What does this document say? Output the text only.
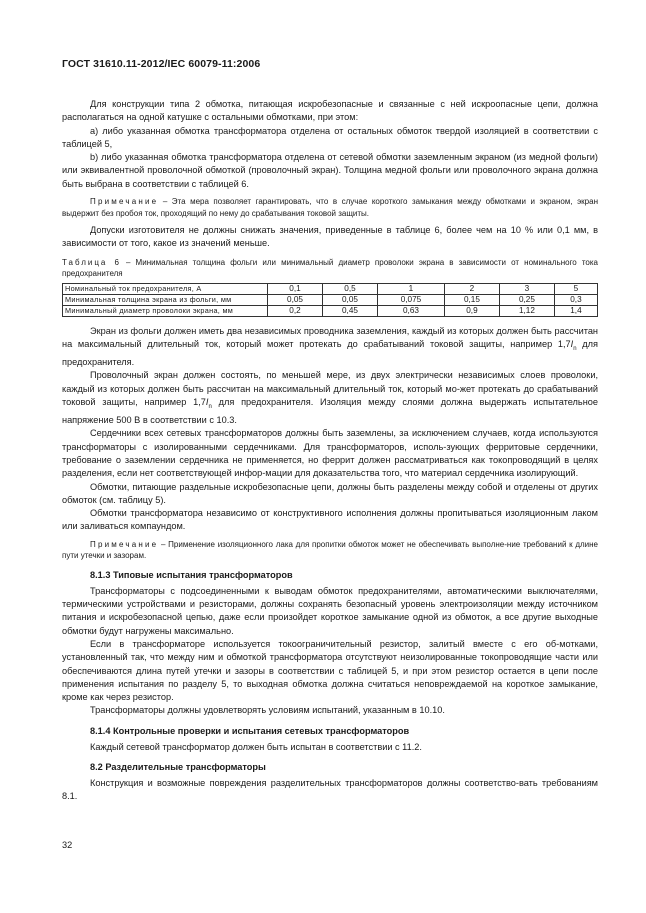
ГОСТ 31610.11-2012/IEC 60079-11:2006

Для конструкции типа 2 обмотка, питающая искробезопасные и связанные с ней искроопасные цепи, должна располагаться на одной катушке с остальными обмотками, при этом:

a) либо указанная обмотка трансформатора отделена от остальных обмоток твердой изоляцией в соответствии с таблицей 5,

b) либо указанная обмотка трансформатора отделена от сетевой обмотки заземленным экраном (из медной фольги) или эквивалентной проволочной обмоткой (проволочный экран). Толщина медной фольги или проволочного экрана должна быть выбрана в соответствии с таблицей 6.

Примечание – Эта мера позволяет гарантировать, что в случае короткого замыкания между обмотками и экраном, экран выдержит без пробоя ток, проходящий по нему до срабатывания токовой защиты.

Допуски изготовителя не должны снижать значения, приведенные в таблице 6, более чем на 10 % или 0,1 мм, в зависимости от того, какое из значений меньше.

Таблица 6 – Минимальная толщина фольги или минимальный диаметр проволоки экрана в зависимости от номинального тока предохранителя
Номинальный ток предохранителя, А	0,1	0,5	1	2	3	5
Минимальная толщина экрана из фольги, мм	0,05	0,05	0,075	0,15	0,25	0,3
Минимальный диаметр проволоки экрана, мм	0,2	0,45	0,63	0,9	1,12	1,4

Экран из фольги должен иметь два независимых проводника заземления, каждый из которых должен быть рассчитан на максимальный длительный ток, который может протекать до срабатываний токовой защиты, например $1,7I_n$ для предохранителя.

Проволочный экран должен состоять, по меньшей мере, из двух электрически независимых слоев проволоки, каждый из которых должен быть рассчитан на максимальный длительный ток, который мо-жет протекать до срабатываний токовой защиты, например $1,7I_n$ для предохранителя. Изоляция между слоями должна выдержать испытательное напряжение 500 В в соответствии с 10.3.

Сердечники всех сетевых трансформаторов должны быть заземлены, за исключением случаев, когда используются трансформаторы с изолированными сердечниками. Для трансформаторов, исполь-зующих ферритовые сердечники, требование о заземлении сердечника не применяется, но феррит должен рассматриваться как токопроводящий в целях разделения, если нет соответствующей инфор-мации для доказательства того, что материал сердечника изолирующий.

Обмотки, питающие раздельные искробезопасные цепи, должны быть разделены между собой и отделены от других обмоток (см. таблицу 5).

Обмотки трансформатора независимо от конструктивного исполнения должны пропитываться изоляционным лаком или заливаться компаундом.

Примечание – Применение изоляционного лака для пропитки обмоток может не обеспечивать выполне-ние требований к длине пути утечки и зазорам.
8.1.3 Типовые испытания трансформаторов

Трансформаторы с подсоединенными к выводам обмоток предохранителями, автоматическими выключателями, термическими устройствами и резисторами, должны сохранять безопасный уровень электроизоляции между источником питания и искробезопасной цепью, даже если произойдет короткое замыкание одной из обмоток, а все другие выходные обмотки будут нагружены максимально.

Если в трансформаторе используется токоограничительный резистор, залитый вместе с его об-мотками, установленный так, что между ним и обмоткой трансформатора отсутствуют неизолированные токопроводящие части или обеспечиваются длина путей утечки и зазоры в соответствии с таблицей 5, и при этом резистор остается в цепи после применения испытания по разделу 5, то выходная обмотка должна считаться неповреждаемой на короткое замыкание, кроме как через резистор.

Трансформаторы должны удовлетворять условиям испытаний, указанным в 10.10.

8.1.4 Контрольные проверки и испытания сетевых трансформаторов

Каждый сетевой трансформатор должен быть испытан в соответствии с 11.2.

8.2 Разделительные трансформаторы

Конструкция и возможные повреждения разделительных трансформаторов должны соответство-вать требованиям 8.1.

32
